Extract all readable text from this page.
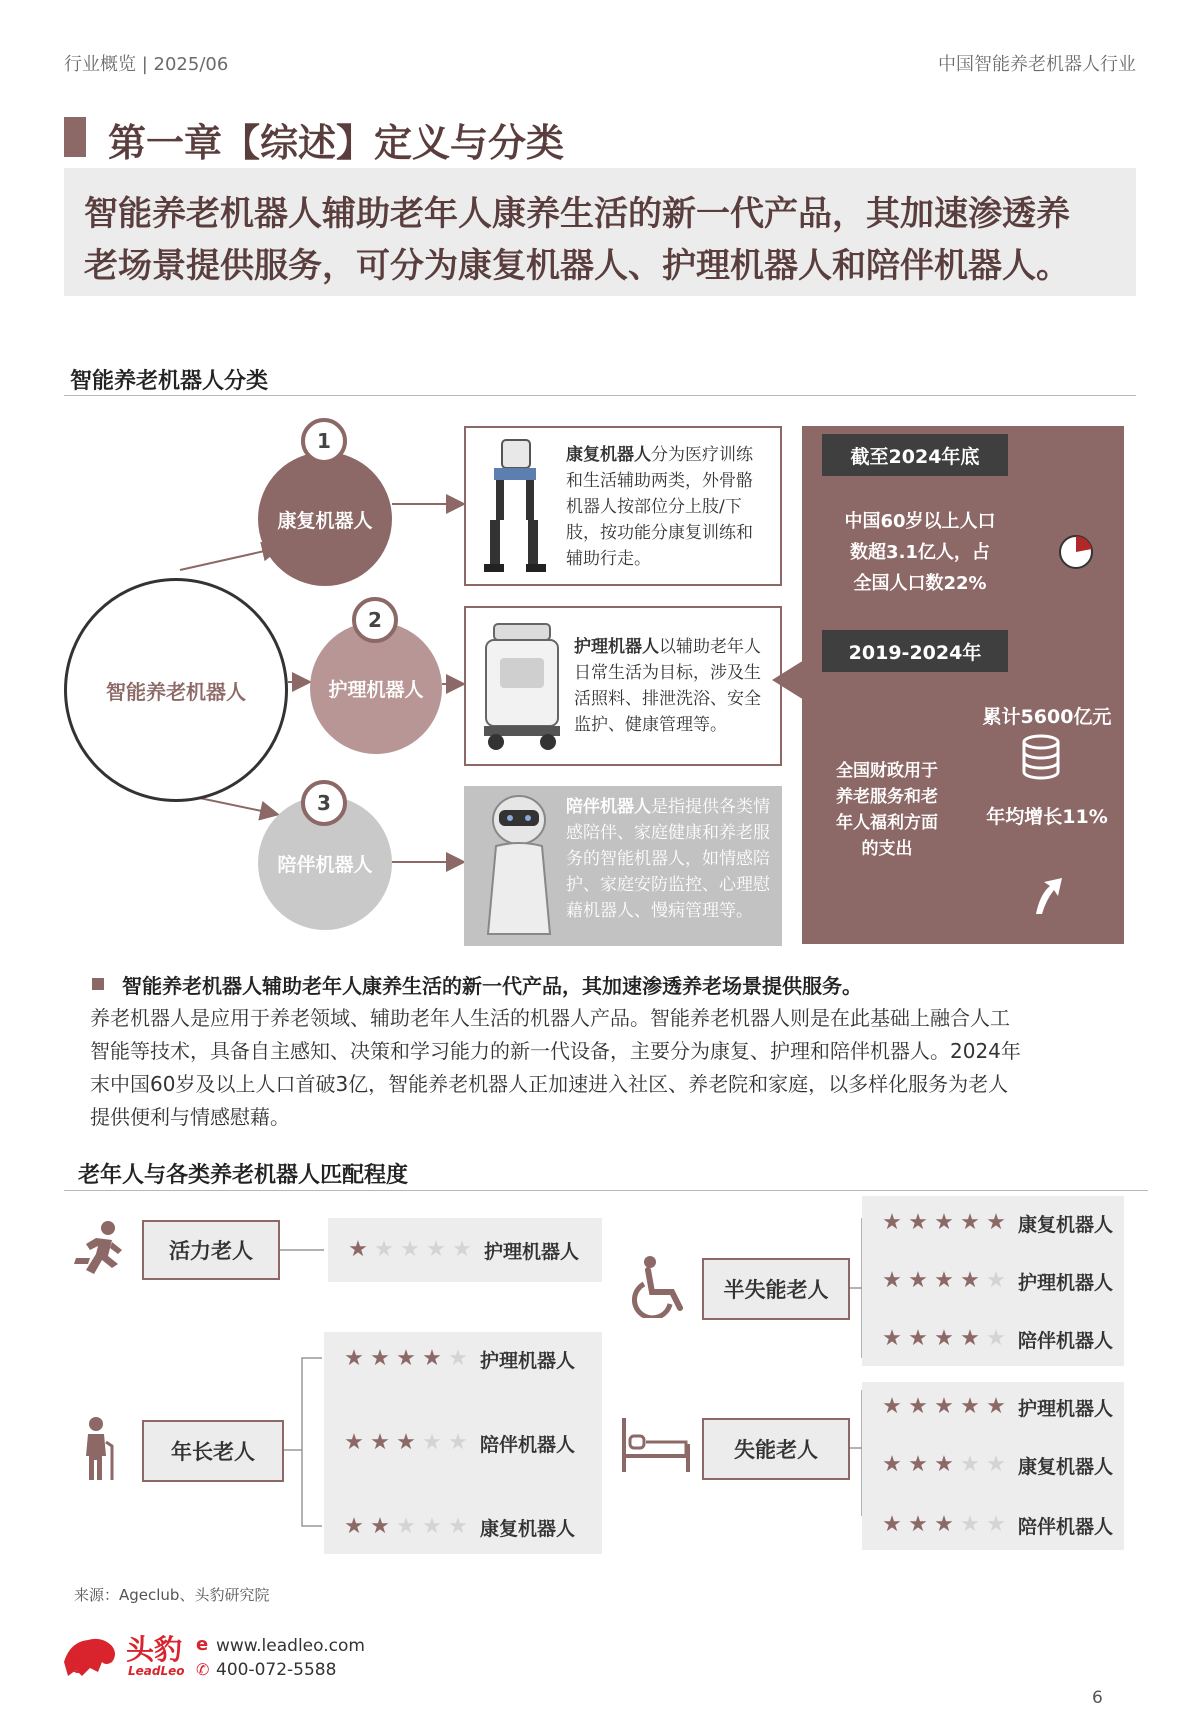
行业概览 | 2025/06	中国智能养老机器人行业
第一章【综述】定义与分类
智能养老机器人辅助老年人康养生活的新一代产品，其加速渗透养
老场景提供服务，可分为康复机器人、护理机器人和陪伴机器人。
智能养老机器人分类
智能养老机器人
康复机器人
1
护理机器人
2
陪伴机器人
3
康复机器人分为医疗训练和生活辅助两类，外骨骼机器人按部位分上肢/下肢，按功能分康复训练和辅助行走。
护理机器人以辅助老年人日常生活为目标，涉及生活照料、排泄洗浴、安全监护、健康管理等。
陪伴机器人是指提供各类情感陪伴、家庭健康和养老服务的智能机器人，如情感陪护、家庭安防监控、心理慰藉机器人、慢病管理等。
截至2024年底
中国60岁以上人口
数超3.1亿人，占
全国人口数22%
2019-2024年
累计5600亿元
全国财政用于
养老服务和老
年人福利方面
的支出
年均增长11%
智能养老机器人辅助老年人康养生活的新一代产品，其加速渗透养老场景提供服务。
养老机器人是应用于养老领域、辅助老年人生活的机器人产品。智能养老机器人则是在此基础上融合人工
智能等技术，具备自主感知、决策和学习能力的新一代设备，主要分为康复、护理和陪伴机器人。2024年
末中国60岁及以上人口首破3亿，智能养老机器人正加速进入社区、养老院和家庭，以多样化服务为老人
提供便利与情感慰藉。
老年人与各类养老机器人匹配程度
活力老人
年长老人
半失能老人
失能老人
★ ★ ★ ★ ★ 护理机器人
★ ★ ★ ★ ★ 护理机器人
★ ★ ★ ★ ★ 陪伴机器人
★ ★ ★ ★ ★ 康复机器人
★ ★ ★ ★ ★ 康复机器人
★ ★ ★ ★ ★ 护理机器人
★ ★ ★ ★ ★ 陪伴机器人
★ ★ ★ ★ ★ 护理机器人
★ ★ ★ ★ ★ 康复机器人
★ ★ ★ ★ ★ 陪伴机器人
来源：Ageclub、头豹研究院
头豹
LeadLeo
e www.leadleo.com
✆ 400-072-5588
6
